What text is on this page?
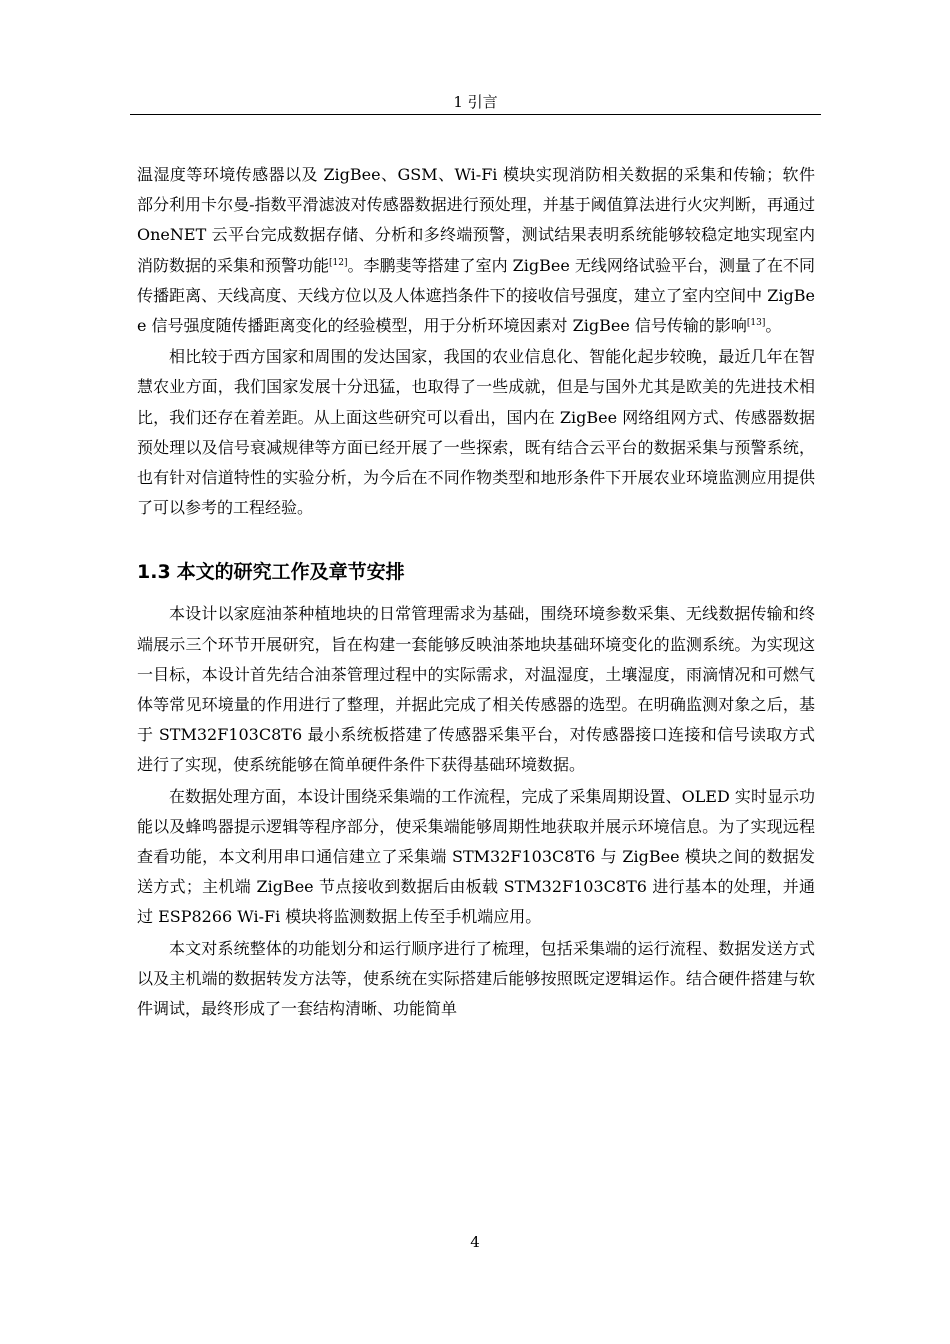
1 引言

温湿度等环境传感器以及 ZigBee、GSM、Wi-Fi 模块实现消防相关数据的采集和传输；软件部分利用卡尔曼-指数平滑滤波对传感器数据进行预处理，并基于阈值算法进行火灾判断，再通过 OneNET 云平台完成数据存储、分析和多终端预警，测试结果表明系统能够较稳定地实现室内消防数据的采集和预警功能[12]。李鹏斐等搭建了室内 ZigBee 无线网络试验平台，测量了在不同传播距离、天线高度、天线方位以及人体遮挡条件下的接收信号强度，建立了室内空间中 ZigBee 信号强度随传播距离变化的经验模型，用于分析环境因素对 ZigBee 信号传输的影响[13]。

相比较于西方国家和周围的发达国家，我国的农业信息化、智能化起步较晚，最近几年在智慧农业方面，我们国家发展十分迅猛，也取得了一些成就，但是与国外尤其是欧美的先进技术相比，我们还存在着差距。从上面这些研究可以看出，国内在 ZigBee 网络组网方式、传感器数据预处理以及信号衰减规律等方面已经开展了一些探索，既有结合云平台的数据采集与预警系统，也有针对信道特性的实验分析，为今后在不同作物类型和地形条件下开展农业环境监测应用提供了可以参考的工程经验。

1.3 本文的研究工作及章节安排

本设计以家庭油茶种植地块的日常管理需求为基础，围绕环境参数采集、无线数据传输和终端展示三个环节开展研究，旨在构建一套能够反映油茶地块基础环境变化的监测系统。为实现这一目标，本设计首先结合油茶管理过程中的实际需求，对温湿度，土壤湿度，雨滴情况和可燃气体等常见环境量的作用进行了整理，并据此完成了相关传感器的选型。在明确监测对象之后，基于 STM32F103C8T6 最小系统板搭建了传感器采集平台，对传感器接口连接和信号读取方式进行了实现，使系统能够在简单硬件条件下获得基础环境数据。

在数据处理方面，本设计围绕采集端的工作流程，完成了采集周期设置、OLED 实时显示功能以及蜂鸣器提示逻辑等程序部分，使采集端能够周期性地获取并展示环境信息。为了实现远程查看功能，本文利用串口通信建立了采集端 STM32F103C8T6 与 ZigBee 模块之间的数据发送方式；主机端 ZigBee 节点接收到数据后由板载 STM32F103C8T6 进行基本的处理，并通过 ESP8266 Wi-Fi 模块将监测数据上传至手机端应用。

本文对系统整体的功能划分和运行顺序进行了梳理，包括采集端的运行流程、数据发送方式以及主机端的数据转发方法等，使系统在实际搭建后能够按照既定逻辑运作。结合硬件搭建与软件调试，最终形成了一套结构清晰、功能简单

4
